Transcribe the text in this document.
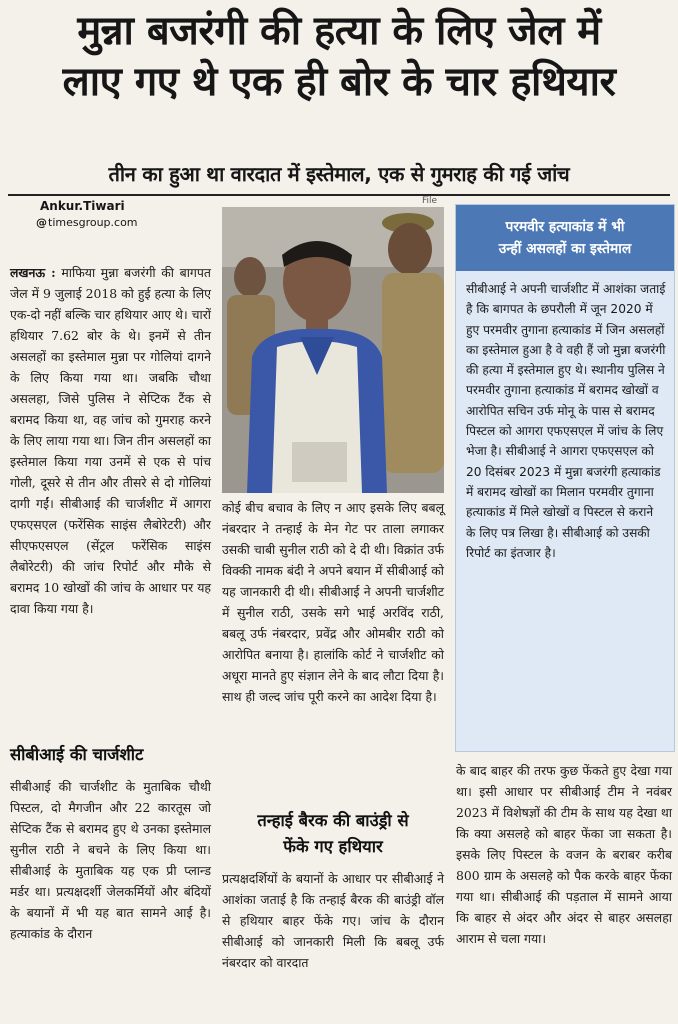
मुन्ना बजरंगी की हत्या के लिए जेल में
लाए गए थे एक ही बोर के चार हथियार
तीन का हुआ था वारदात में इस्तेमाल, एक से गुमराह की गई जांच
Ankur.Tiwari
@timesgroup.com

लखनऊ : माफिया मुन्ना बजरंगी की बागपत जेल में 9 जुलाई 2018 को हुई हत्या के लिए एक-दो नहीं बल्कि चार हथियार आए थे। चारों हथियार 7.62 बोर के थे। इनमें से तीन असलहों का इस्तेमाल मुन्ना पर गोलियां दागने के लिए किया गया था। जबकि चौथा असलहा, जिसे पुलिस ने सेप्टिक टैंक से बरामद किया था, वह जांच को गुमराह करने के लिए लाया गया था। जिन तीन असलहों का इस्तेमाल किया गया उनमें से एक से पांच गोली, दूसरे से तीन और तीसरे से दो गोलियां दागी गईं। सीबीआई की चार्जशीट में आगरा एफएसएल (फरेंसिक साइंस लैबोरेटरी) और सीएफएसएल (सेंट्रल फरेंसिक साइंस लैबोरेटरी) की जांच रिपोर्ट और मौके से बरामद 10 खोखों की जांच के आधार पर यह दावा किया गया है।

सीबीआई की चार्जशीट

सीबीआई की चार्जशीट के मुताबिक चौथी पिस्टल, दो मैगजीन और 22 कारतूस जो सेप्टिक टैंक से बरामद हुए थे उनका इस्तेमाल सुनील राठी ने बचने के लिए किया था। सीबीआई के मुताबिक यह एक प्री प्लान्ड मर्डर था। प्रत्यक्षदर्शी जेलकर्मियों और बंदियों के बयानों में भी यह बात सामने आई है। हत्याकांड के दौरान

File

कोई बीच बचाव के लिए न आए इसके लिए बबलू नंबरदार ने तन्हाई के मेन गेट पर ताला लगाकर उसकी चाबी सुनील राठी को दे दी थी। विक्रांत उर्फ विक्की नामक बंदी ने अपने बयान में सीबीआई को यह जानकारी दी थी। सीबीआई ने अपनी चार्जशीट में सुनील राठी, उसके सगे भाई अरविंद राठी, बबलू उर्फ नंबरदार, प्रवेंद्र और ओमबीर राठी को आरोपित बनाया है। हालांकि कोर्ट ने चार्जशीट को अधूरा मानते हुए संज्ञान लेने के बाद लौटा दिया है। साथ ही जल्द जांच पूरी करने का आदेश दिया है।

तन्हाई बैरक की बाउंड्री से
फेंके गए हथियार

प्रत्यक्षदर्शियों के बयानों के आधार पर सीबीआई ने आशंका जताई है कि तन्हाई बैरक की बाउंड्री वॉल से हथियार बाहर फेंके गए। जांच के दौरान सीबीआई को जानकारी मिली कि बबलू उर्फ नंबरदार को वारदात

परमवीर हत्याकांड में भी
उन्हीं असलहों का इस्तेमाल

सीबीआई ने अपनी चार्जशीट में आशंका जताई है कि बागपत के छपरौली में जून 2020 में हुए परमवीर तुगाना हत्याकांड में जिन असलहों का इस्तेमाल हुआ है वे वही हैं जो मुन्ना बजरंगी की हत्या में इस्तेमाल हुए थे। स्थानीय पुलिस ने परमवीर तुगाना हत्याकांड में बरामद खोखों व आरोपित सचिन उर्फ मोनू के पास से बरामद पिस्टल को आगरा एफएसएल में जांच के लिए भेजा है। सीबीआई ने आगरा एफएसएल को 20 दिसंबर 2023 में मुन्ना बजरंगी हत्याकांड में बरामद खोखों का मिलान परमवीर तुगाना हत्याकांड में मिले खोखों व पिस्टल से कराने के लिए पत्र लिखा है। सीबीआई को उसकी रिपोर्ट का इंतजार है।

के बाद बाहर की तरफ कुछ फेंकते हुए देखा गया था। इसी आधार पर सीबीआई टीम ने नवंबर 2023 में विशेषज्ञों की टीम के साथ यह देखा था कि क्या असलहे को बाहर फेंका जा सकता है। इसके लिए पिस्टल के वजन के बराबर करीब 800 ग्राम के असलहे को पैक करके बाहर फेंका गया था। सीबीआई की पड़ताल में सामने आया कि बाहर से अंदर और अंदर से बाहर असलहा आराम से चला गया।
